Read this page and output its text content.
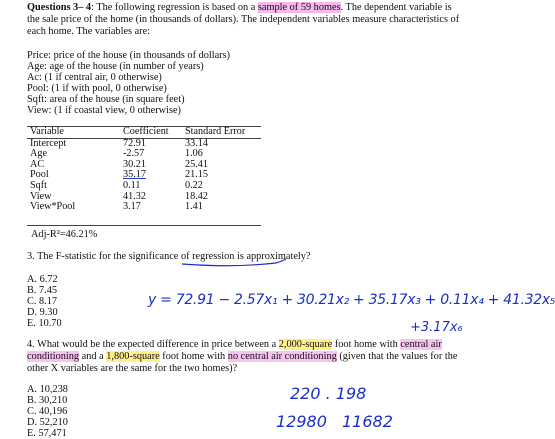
Questions 3– 4: The following regression is based on a sample of 59 homes. The dependent variable is
the sale price of the home (in thousands of dollars). The independent variables measure characteristics of
each home. The variables are:
Price: price of the house (in thousands of dollars)
Age: age of the house (in number of years)
Ac: (1 if central air, 0 otherwise)
Pool: (1 if with pool, 0 otherwise)
Sqft: area of the house (in square feet)
View: (1 if coastal view, 0 otherwise)
Variable	Coefficient	Standard Error
Intercept	72.91	33.14
Age	-2.57	1.06
AC	30.21	25.41
Pool	35.17	21.15
Sqft	0.11	0.22
View	41.32	18.42
View*Pool	3.17	1.41
Adj-R²=46.21%
3. The F-statistic for the significance of regression is approximately?
A. 6.72
B. 7.45
C. 8.17
D. 9.30
E. 10.70
y = 72.91 − 2.57x₁ + 30.21x₂ + 35.17x₃ + 0.11x₄ + 41.32x₅
+3.17x₆
4. What would be the expected difference in price between a 2,000-square foot home with central air
conditioning and a 1,800-square foot home with no central air conditioning (given that the values for the
other X variables are the same for the two homes)?
A. 10,238
B. 30,210
C. 40,196
D. 52,210
E. 57,471
220 . 198
12980 11682
